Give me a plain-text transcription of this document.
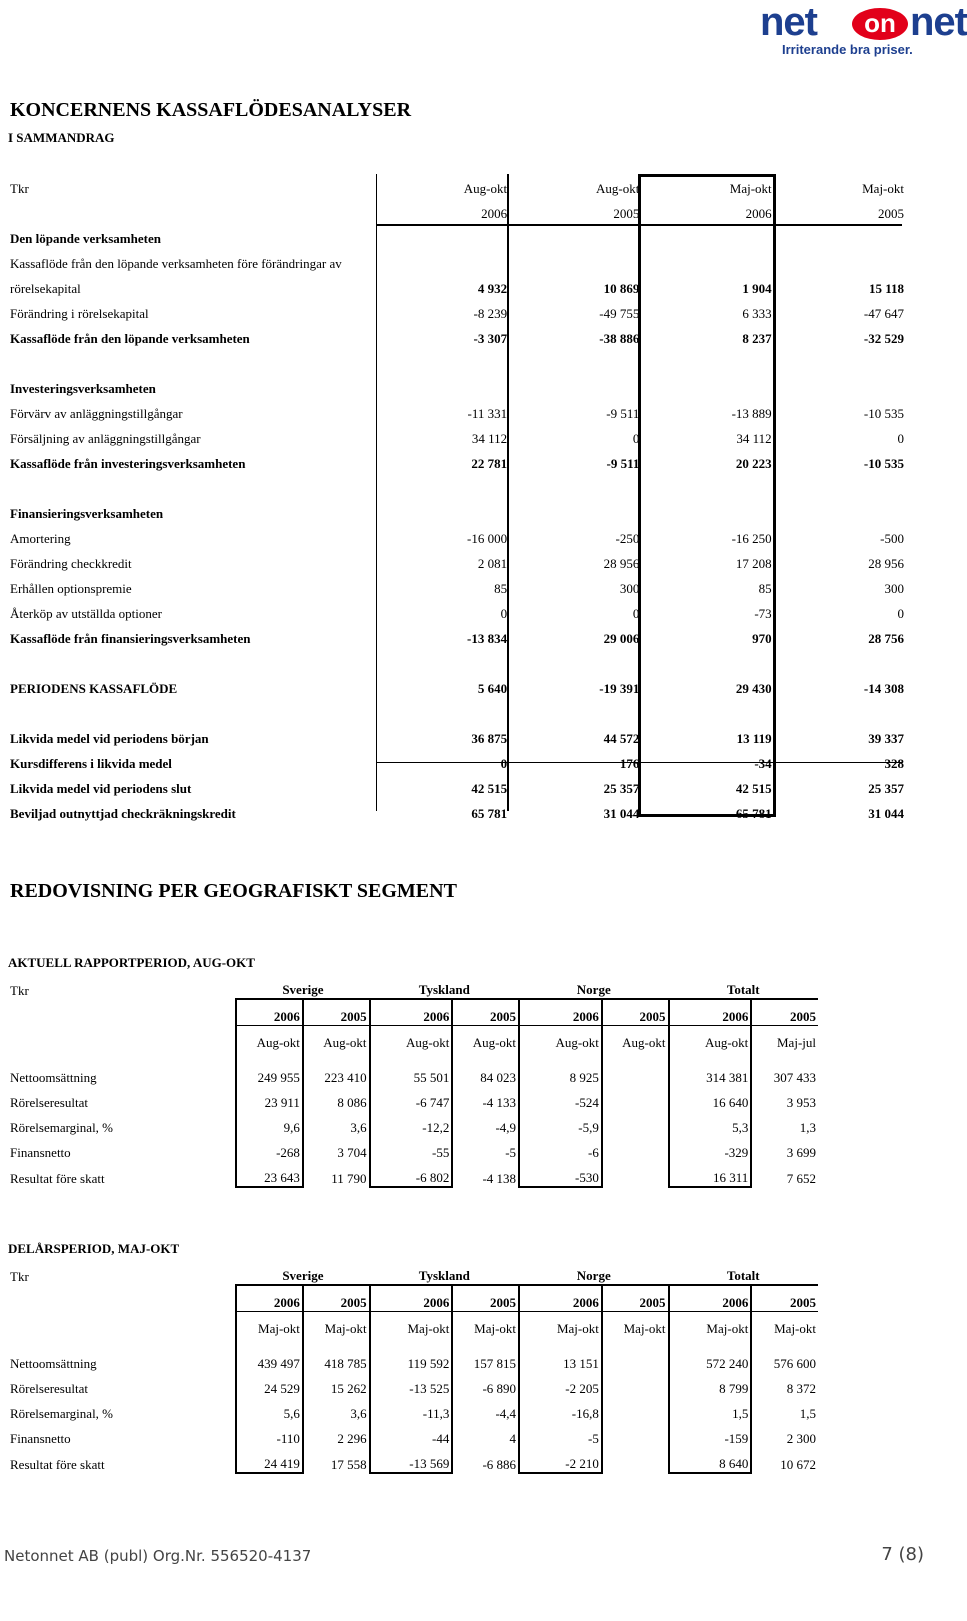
net	on net
Irriterande bra priser.
KONCERNENS KASSAFLÖDESANALYSER
I SAMMANDRAG
Tkr	Aug-okt	Aug-okt	Maj-okt	Maj-okt
	2006	2005	2006	2005
Den löpande verksamheten				
Kassaflöde från den löpande verksamheten före förändringar av				
rörelsekapital	4 932	10 869	1 904	15 118
Förändring i rörelsekapital	-8 239	-49 755	6 333	-47 647
Kassaflöde från den löpande verksamheten	-3 307	-38 886	8 237	-32 529

Investeringsverksamheten				
Förvärv av anläggningstillgångar	-11 331	-9 511	-13 889	-10 535
Försäljning av anläggningstillgångar	34 112	0	34 112	0
Kassaflöde från investeringsverksamheten	22 781	-9 511	20 223	-10 535

Finansieringsverksamheten				
Amortering	-16 000	-250	-16 250	-500
Förändring checkkredit	2 081	28 956	17 208	28 956
Erhållen optionspremie	85	300	85	300
Återköp av utställda optioner	0	0	-73	0
Kassaflöde från finansieringsverksamheten	-13 834	29 006	970	28 756

PERIODENS KASSAFLÖDE	5 640	-19 391	29 430	-14 308

Likvida medel vid periodens början	36 875	44 572	13 119	39 337
Kursdifferens i likvida medel	0	176	-34	328
Likvida medel vid periodens slut	42 515	25 357	42 515	25 357
Beviljad outnyttjad checkräkningskredit	65 781	31 044	65 781	31 044
REDOVISNING PER GEOGRAFISKT SEGMENT
AKTUELL RAPPORTPERIOD, AUG-OKT
Tkr	Sverige		Tyskland		Norge		Totalt	
	2006	2005	2006	2005	2006	2005	2006	2005
	Aug-okt	Aug-okt	Aug-okt	Aug-okt	Aug-okt	Aug-okt	Aug-okt	Maj-jul
Nettoomsättning	249 955	223 410	55 501	84 023	8 925		314 381	307 433
Rörelseresultat	23 911	8 086	-6 747	-4 133	-524		16 640	3 953
Rörelsemarginal, %	9,6	3,6	-12,2	-4,9	-5,9		5,3	1,3
Finansnetto	-268	3 704	-55	-5	-6		-329	3 699
Resultat före skatt	23 643	11 790	-6 802	-4 138	-530		16 311	7 652
DELÅRSPERIOD, MAJ-OKT
Tkr	Sverige		Tyskland		Norge		Totalt	
	2006	2005	2006	2005	2006	2005	2006	2005
	Maj-okt	Maj-okt	Maj-okt	Maj-okt	Maj-okt	Maj-okt	Maj-okt	Maj-okt
Nettoomsättning	439 497	418 785	119 592	157 815	13 151		572 240	576 600
Rörelseresultat	24 529	15 262	-13 525	-6 890	-2 205		8 799	8 372
Rörelsemarginal, %	5,6	3,6	-11,3	-4,4	-16,8		1,5	1,5
Finansnetto	-110	2 296	-44	4	-5		-159	2 300
Resultat före skatt	24 419	17 558	-13 569	-6 886	-2 210		8 640	10 672
Netonnet AB (publ) Org.Nr. 556520-4137	7 (8)
